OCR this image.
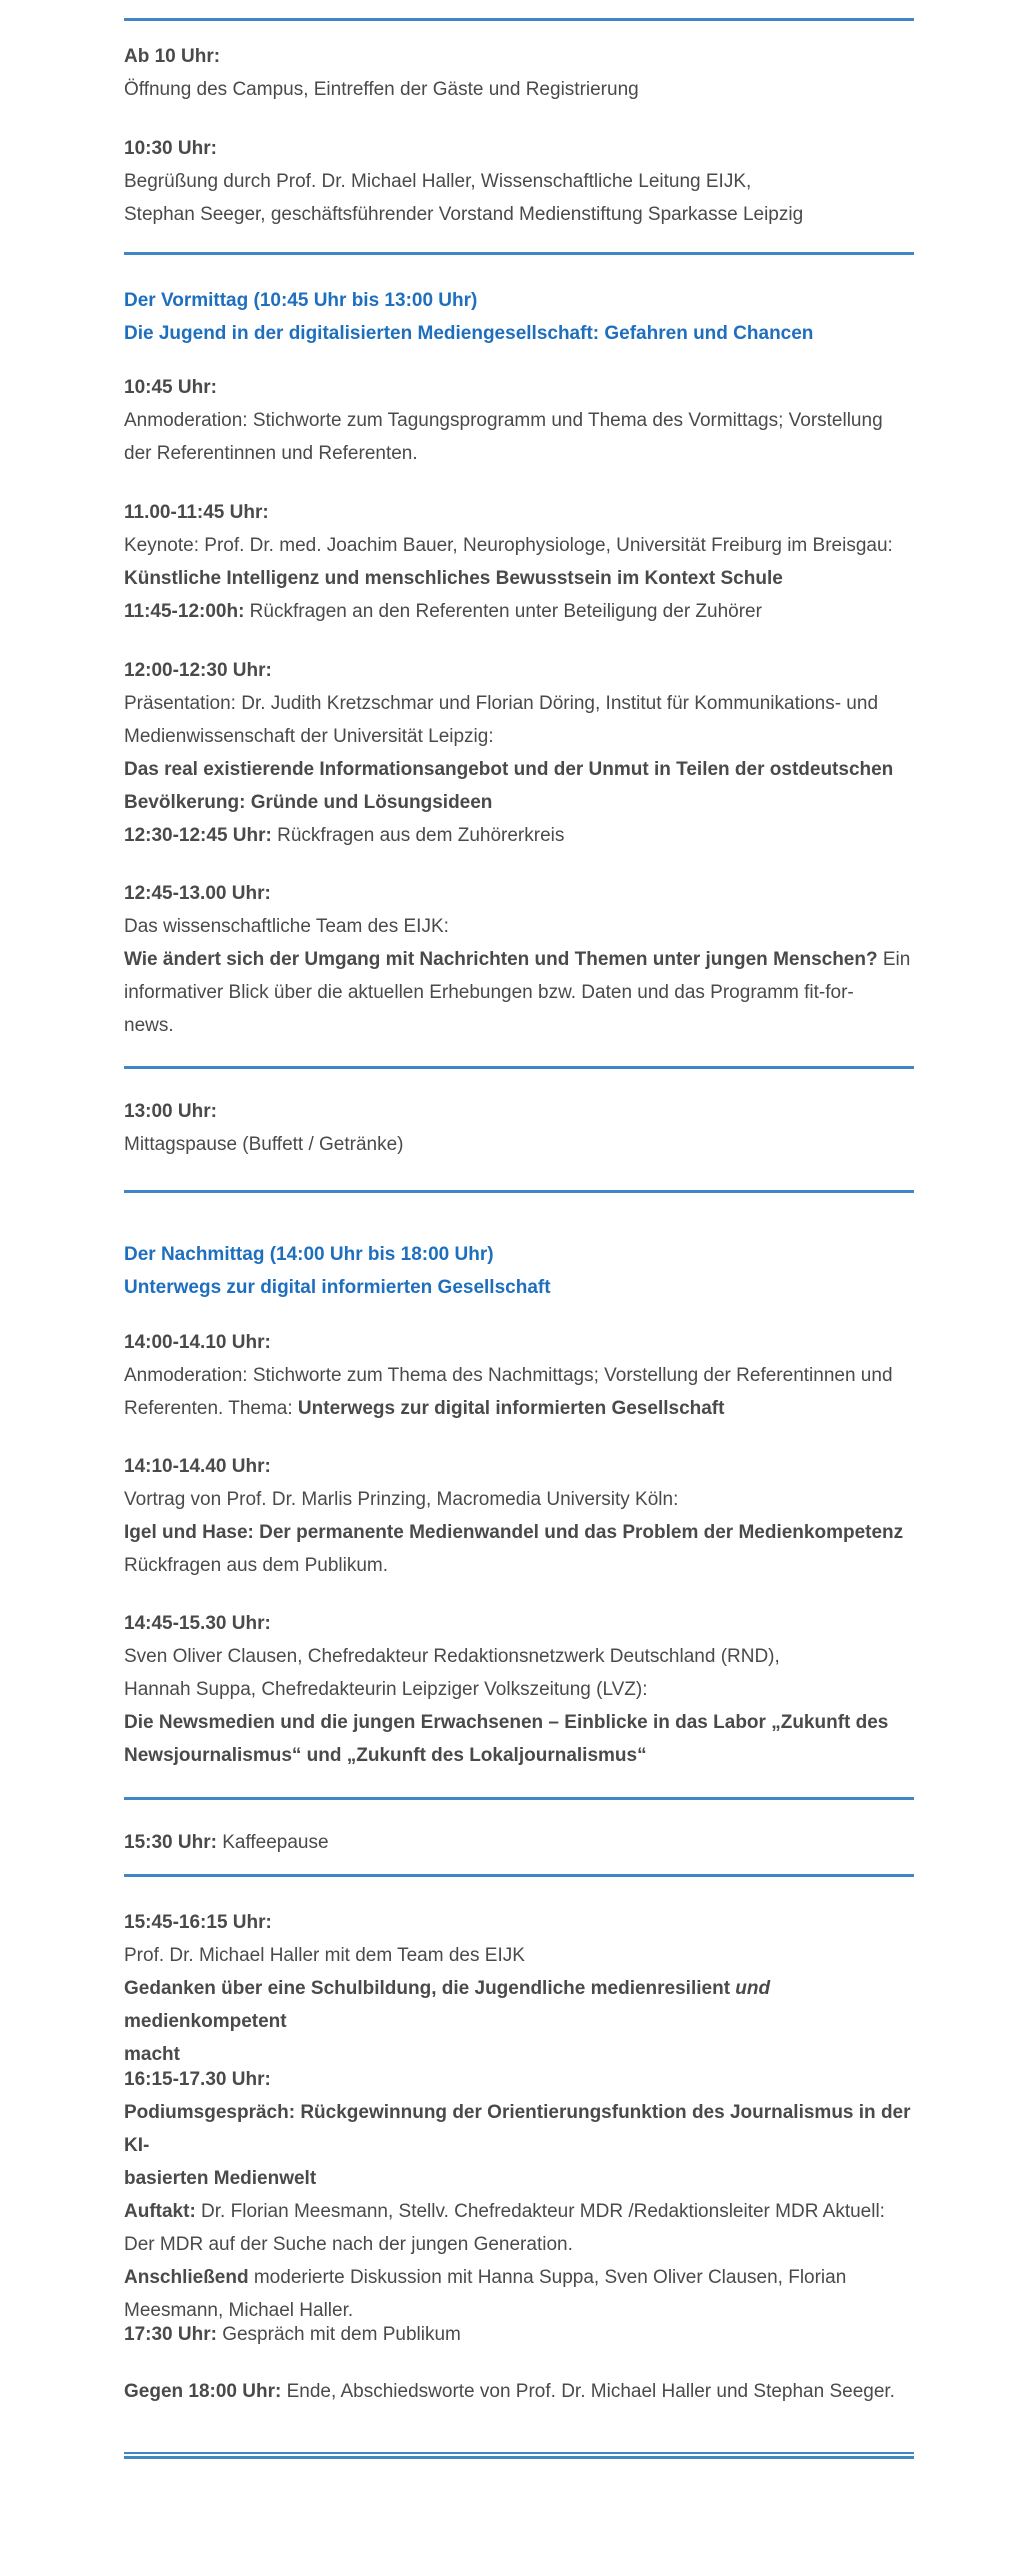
Ab 10 Uhr:
Öffnung des Campus, Eintreffen der Gäste und Registrierung
10:30 Uhr:
Begrüßung durch Prof. Dr. Michael Haller, Wissenschaftliche Leitung EIJK,
Stephan Seeger, geschäftsführender Vorstand Medienstiftung Sparkasse Leipzig
Der Vormittag (10:45 Uhr bis 13:00 Uhr)
Die Jugend in der digitalisierten Mediengesellschaft: Gefahren und Chancen
10:45 Uhr:
Anmoderation: Stichworte zum Tagungsprogramm und Thema des Vormittags; Vorstellung
der Referentinnen und Referenten.
11.00-11:45 Uhr:
Keynote: Prof. Dr. med. Joachim Bauer, Neurophysiologe, Universität Freiburg im Breisgau:
Künstliche Intelligenz und menschliches Bewusstsein im Kontext Schule
11:45-12:00h: Rückfragen an den Referenten unter Beteiligung der Zuhörer
12:00-12:30 Uhr:
Präsentation: Dr. Judith Kretzschmar und Florian Döring, Institut für Kommunikations- und
Medienwissenschaft der Universität Leipzig:
Das real existierende Informationsangebot und der Unmut in Teilen der ostdeutschen
Bevölkerung: Gründe und Lösungsideen
12:30-12:45 Uhr: Rückfragen aus dem Zuhörerkreis
12:45-13.00 Uhr:
Das wissenschaftliche Team des EIJK:
Wie ändert sich der Umgang mit Nachrichten und Themen unter jungen Menschen? Ein
informativer Blick über die aktuellen Erhebungen bzw. Daten und das Programm fit-for-
news.
13:00 Uhr:
Mittagspause (Buffett / Getränke)
Der Nachmittag (14:00 Uhr bis 18:00 Uhr)
Unterwegs zur digital informierten Gesellschaft
14:00-14.10 Uhr:
Anmoderation: Stichworte zum Thema des Nachmittags; Vorstellung der Referentinnen und
Referenten. Thema: Unterwegs zur digital informierten Gesellschaft
14:10-14.40 Uhr:
Vortrag von Prof. Dr. Marlis Prinzing, Macromedia University Köln:
Igel und Hase: Der permanente Medienwandel und das Problem der Medienkompetenz
Rückfragen aus dem Publikum.
14:45-15.30 Uhr:
Sven Oliver Clausen, Chefredakteur Redaktionsnetzwerk Deutschland (RND),
Hannah Suppa, Chefredakteurin Leipziger Volkszeitung (LVZ):
Die Newsmedien und die jungen Erwachsenen – Einblicke in das Labor „Zukunft des
Newsjournalismus“ und „Zukunft des Lokaljournalismus“
15:30 Uhr: Kaffeepause
15:45-16:15 Uhr:
Prof. Dr. Michael Haller mit dem Team des EIJK
Gedanken über eine Schulbildung, die Jugendliche medienresilient und medienkompetent
macht
16:15-17.30 Uhr:
Podiumsgespräch: Rückgewinnung der Orientierungsfunktion des Journalismus in der KI-
basierten Medienwelt
Auftakt: Dr. Florian Meesmann, Stellv. Chefredakteur MDR /Redaktionsleiter MDR Aktuell:
Der MDR auf der Suche nach der jungen Generation.
Anschließend moderierte Diskussion mit Hanna Suppa, Sven Oliver Clausen, Florian
Meesmann, Michael Haller.
17:30 Uhr: Gespräch mit dem Publikum
Gegen 18:00 Uhr: Ende, Abschiedsworte von Prof. Dr. Michael Haller und Stephan Seeger.
